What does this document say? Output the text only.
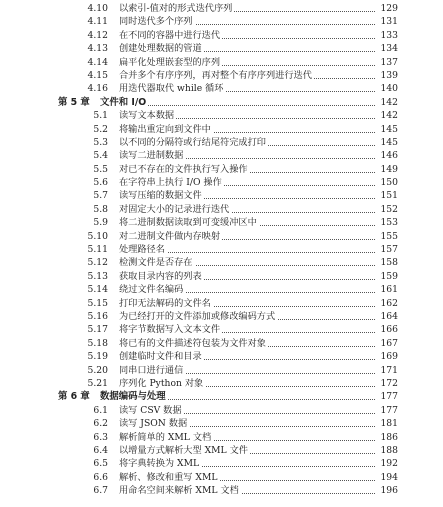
4.10 以索引-值对的形式迭代序列	129
4.11 同时迭代多个序列	131
4.12 在不同的容器中进行迭代	133
4.13 创建处理数据的管道	134
4.14 扁平化处理嵌套型的序列	137
4.15 合并多个有序序列，再对整个有序序列进行迭代	139
4.16 用迭代器取代 while 循环	140
第 5 章 文件和 I/O	142
5.1 读写文本数据	142
5.2 将输出重定向到文件中	145
5.3 以不同的分隔符或行结尾符完成打印	145
5.4 读写二进制数据	146
5.5 对已不存在的文件执行写入操作	149
5.6 在字符串上执行 I/O 操作	150
5.7 读写压缩的数据文件	151
5.8 对固定大小的记录进行迭代	152
5.9 将二进制数据读取到可变缓冲区中	153
5.10 对二进制文件做内存映射	155
5.11 处理路径名	157
5.12 检测文件是否存在	158
5.13 获取目录内容的列表	159
5.14 绕过文件名编码	161
5.15 打印无法解码的文件名	162
5.16 为已经打开的文件添加或修改编码方式	164
5.17 将字节数据写入文本文件	166
5.18 将已有的文件描述符包装为文件对象	167
5.19 创建临时文件和目录	169
5.20 同串口进行通信	171
5.21 序列化 Python 对象	172
第 6 章 数据编码与处理	177
6.1 读写 CSV 数据	177
6.2 读写 JSON 数据	181
6.3 解析简单的 XML 文档	186
6.4 以增量方式解析大型 XML 文件	188
6.5 将字典转换为 XML	192
6.6 解析、修改和重写 XML	194
6.7 用命名空间来解析 XML 文档	196
